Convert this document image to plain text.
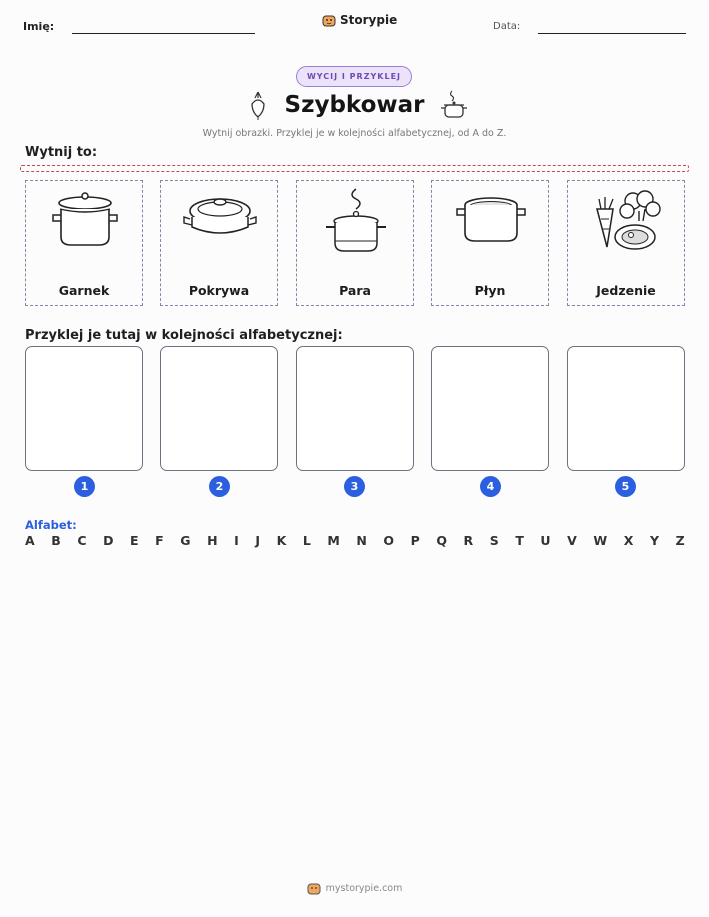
Imię:	Storypie	Data:
WYCIJ I PRZYKLEJ
Szybkowar
Wytnij obrazki. Przyklej je w kolejności alfabetycznej, od A do Z.
Wytnij to:
Garnek	Pokrywa	Para	Płyn	Jedzenie
Przyklej je tutaj w kolejności alfabetycznej:
1	2	3	4	5
Alfabet:
A B C D E F G H I J K L M N O P Q R S T U V W X Y Z
mystorypie.com
